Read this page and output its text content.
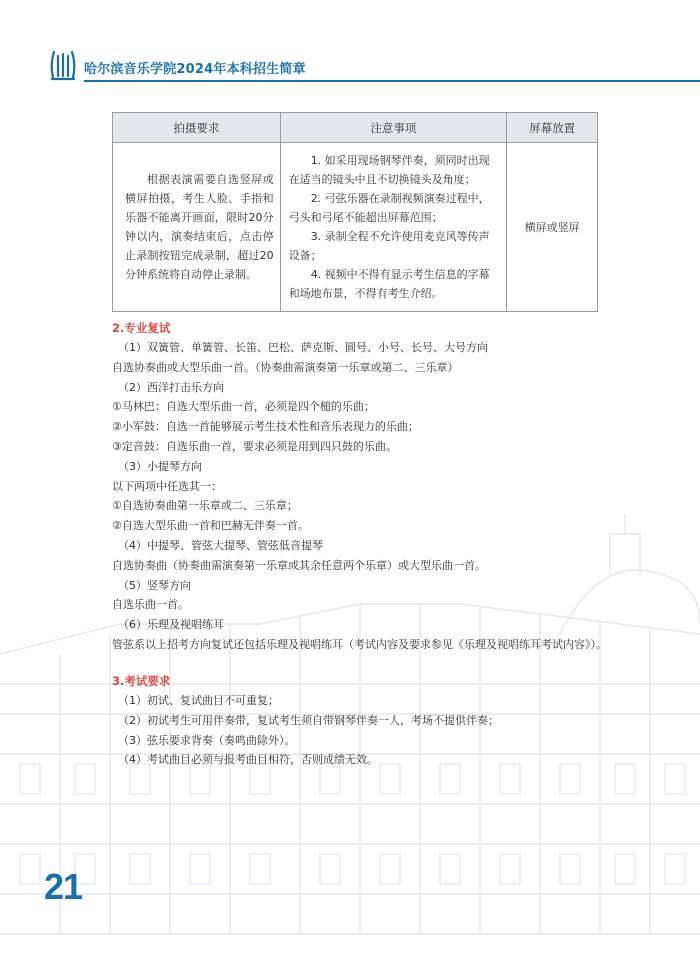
哈尔滨音乐学院2024年本科招生简章
拍摄要求	注意事项	屏幕放置

根据表演需要自选竖屏或横屏拍摄，考生人脸、手指和乐器不能离开画面，限时20分钟以内，演奏结束后，点击停止录制按钮完成录制，超过20分钟系统将自动停止录制。	1. 如采用现场钢琴伴奏，须同时出现在适当的镜头中且不切换镜头及角度；

2. 弓弦乐器在录制视频演奏过程中，弓头和弓尾不能超出屏幕范围；

3. 录制全程不允许使用麦克风等传声设备；

4. 视频中不得有显示考生信息的字幕和场地布景，不得有考生介绍。	横屏或竖屏
2.专业复试
（1）双簧管、单簧管、长笛、巴松、萨克斯、圆号、小号、长号、大号方向
自选协奏曲或大型乐曲一首。（协奏曲需演奏第一乐章或第二、三乐章）
（2）西洋打击乐方向
①马林巴：自选大型乐曲一首，必须是四个槌的乐曲；
②小军鼓：自选一首能够展示考生技术性和音乐表现力的乐曲；
③定音鼓：自选乐曲一首，要求必须是用到四只鼓的乐曲。
（3）小提琴方向
以下两项中任选其一：
①自选协奏曲第一乐章或二、三乐章；
②自选大型乐曲一首和巴赫无伴奏一首。
（4）中提琴、管弦大提琴、管弦低音提琴
自选协奏曲（协奏曲需演奏第一乐章或其余任意两个乐章）或大型乐曲一首。
（5）竖琴方向
自选乐曲一首。
（6）乐理及视唱练耳
管弦系以上招考方向复试还包括乐理及视唱练耳（考试内容及要求参见《乐理及视唱练耳考试内容》）。
3.考试要求
（1）初试、复试曲目不可重复；
（2）初试考生可用伴奏带，复试考生须自带钢琴伴奏一人，考场不提供伴奏；
（3）弦乐要求背奏（奏鸣曲除外）。
（4）考试曲目必须与报考曲目相符，否则成绩无效。
21
